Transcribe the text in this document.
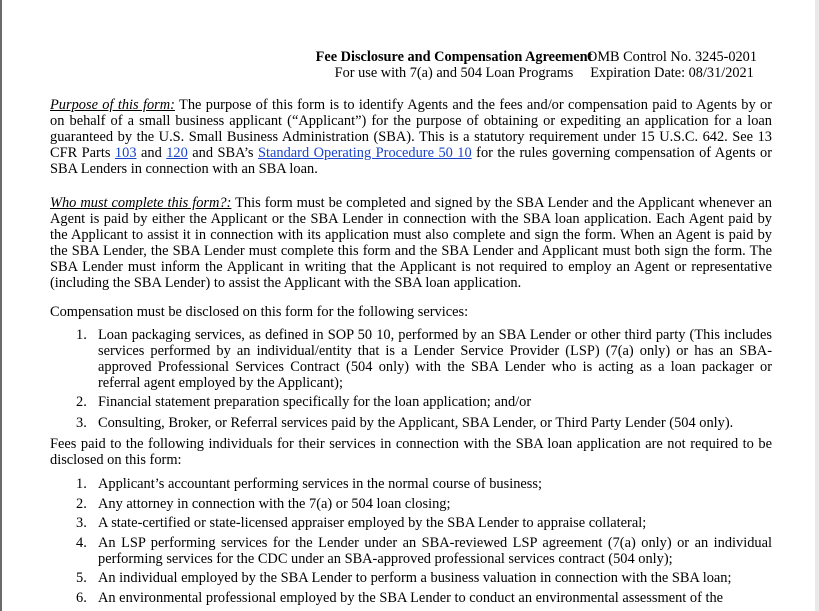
Fee Disclosure and Compensation Agreement
For use with 7(a) and 504 Loan Programs
OMB Control No. 3245-0201
Expiration Date: 08/31/2021

Purpose of this form: The purpose of this form is to identify Agents and the fees and/or compensation paid to Agents by or on behalf of a small business applicant (“Applicant”) for the purpose of obtaining or expediting an application for a loan guaranteed by the U.S. Small Business Administration (SBA). This is a statutory requirement under 15 U.S.C. 642. See 13 CFR Parts 103 and 120 and SBA’s Standard Operating Procedure 50 10 for the rules governing compensation of Agents or SBA Lenders in connection with an SBA loan.

Who must complete this form?: This form must be completed and signed by the SBA Lender and the Applicant whenever an Agent is paid by either the Applicant or the SBA Lender in connection with the SBA loan application. Each Agent paid by the Applicant to assist it in connection with its application must also complete and sign the form. When an Agent is paid by the SBA Lender, the SBA Lender must complete this form and the SBA Lender and Applicant must both sign the form. The SBA Lender must inform the Applicant in writing that the Applicant is not required to employ an Agent or representative (including the SBA Lender) to assist the Applicant with the SBA loan application.

Compensation must be disclosed on this form for the following services:

1. Loan packaging services, as defined in SOP 50 10, performed by an SBA Lender or other third party (This includes services performed by an individual/entity that is a Lender Service Provider (LSP) (7(a) only) or has an SBA-approved Professional Services Contract (504 only) with the SBA Lender who is acting as a loan packager or referral agent employed by the Applicant);
2. Financial statement preparation specifically for the loan application; and/or
3. Consulting, Broker, or Referral services paid by the Applicant, SBA Lender, or Third Party Lender (504 only).

Fees paid to the following individuals for their services in connection with the SBA loan application are not required to be disclosed on this form:

1. Applicant’s accountant performing services in the normal course of business;
2. Any attorney in connection with the 7(a) or 504 loan closing;
3. A state-certified or state-licensed appraiser employed by the SBA Lender to appraise collateral;
4. An LSP performing services for the Lender under an SBA-reviewed LSP agreement (7(a) only) or an individual performing services for the CDC under an SBA-approved professional services contract (504 only);
5. An individual employed by the SBA Lender to perform a business valuation in connection with the SBA loan;
6. An environmental professional employed by the SBA Lender to conduct an environmental assessment of the
